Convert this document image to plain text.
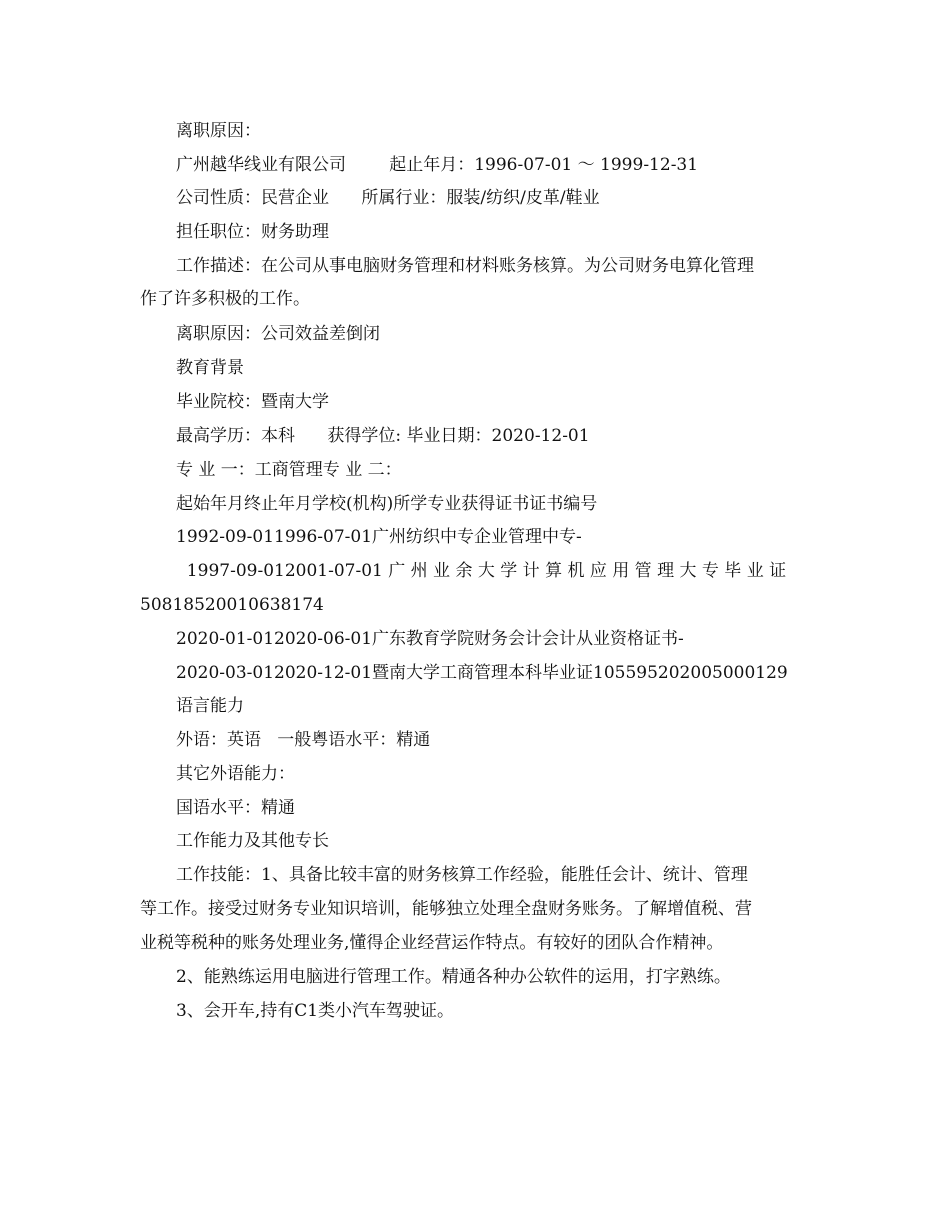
离职原因：
广州越华线业有限公司        起止年月：1996-07-01 ～ 1999-12-31
公司性质：民营企业      所属行业：服装/纺织/皮革/鞋业
担任职位：财务助理
工作描述：在公司从事电脑财务管理和材料账务核算。为公司财务电算化管理
作了许多积极的工作。
离职原因：公司效益差倒闭
教育背景
毕业院校：暨南大学
最高学历：本科      获得学位: 毕业日期：2020-12-01
专 业 一：工商管理专 业 二：
起始年月终止年月学校(机构)所学专业获得证书证书编号
1992-09-011996-07-01广州纺织中专企业管理中专-
1997-09-012001-07-01 广 州 业 余 大 学 计 算 机 应 用 管 理 大 专 毕 业 证
50818520010638174
2020-01-012020-06-01广东教育学院财务会计会计从业资格证书-
2020-03-012020-12-01暨南大学工商管理本科毕业证105595202005000129
语言能力
外语：英语   一般粤语水平：精通
其它外语能力：
国语水平：精通
工作能力及其他专长
工作技能：1、具备比较丰富的财务核算工作经验，能胜任会计、统计、管理
等工作。接受过财务专业知识培训，能够独立处理全盘财务账务。了解增值税、营
业税等税种的账务处理业务,懂得企业经营运作特点。有较好的团队合作精神。
2、能熟练运用电脑进行管理工作。精通各种办公软件的运用，打字熟练。
3、会开车,持有C1类小汽车驾驶证。
